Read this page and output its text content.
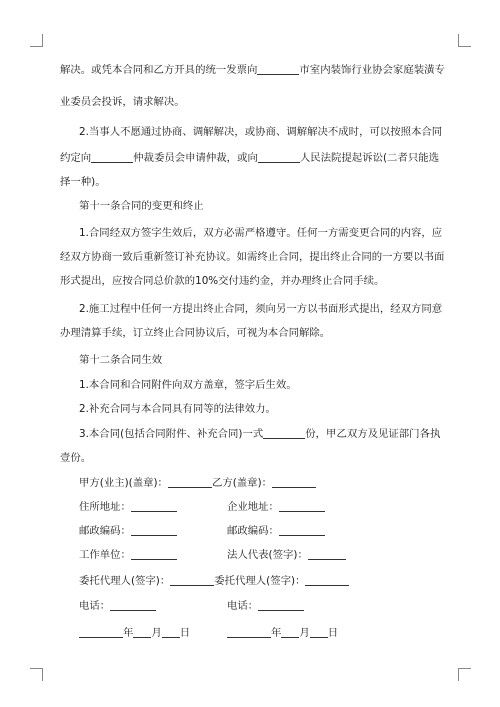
解决。或凭本合同和乙方开具的统一发票向	市室内装饰行业协会家庭装潢专
业委员会投诉，请求解决。
2.当事人不愿通过协商、调解解决，或协商、调解解决不成时，可以按照本合同
约定向	仲裁委员会申请仲裁，或向	人民法院提起诉讼(二者只能选
择一种)。
第十一条合同的变更和终止
1.合同经双方签字生效后，双方必需严格遵守。任何一方需变更合同的内容，应
经双方协商一致后重新签订补充协议。如需终止合同，提出终止合同的一方要以书面
形式提出，应按合同总价款的10%交付违约金，并办理终止合同手续。
2.施工过程中任何一方提出终止合同，须向另一方以书面形式提出，经双方同意
办理清算手续，订立终止合同协议后，可视为本合同解除。
第十二条合同生效
1.本合同和合同附件向双方盖章，签字后生效。
2.补充合同与本合同具有同等的法律效力。
3.本合同(包括合同附件、补充合同)一式	份，甲乙双方及见证部门各执
壹份。
甲方(业主)(盖章)：	乙方(盖章)：
住所地址：	企业地址：
邮政编码：	邮政编码：
工作单位：	法人代表(签字)：
委托代理人(签字)：	委托代理人(签字)：
电话：	电话：
年 月 日	年 月 日
